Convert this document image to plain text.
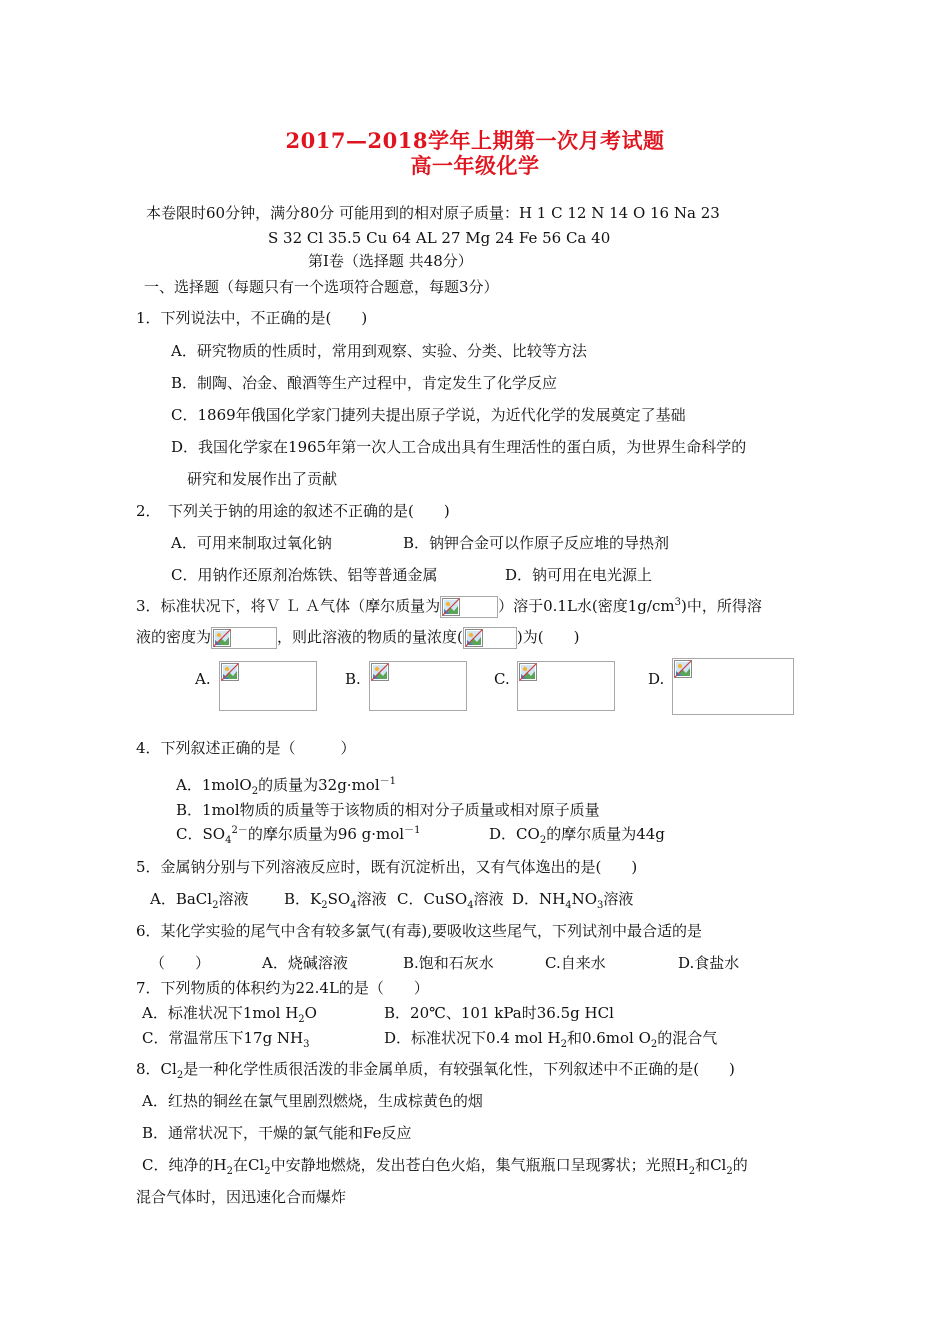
2017—2018学年上期第一次月考试题
高一年级化学
本卷限时60分钟，满分80分 可能用到的相对原子质量：H 1 C 12 N 14 O 16 Na 23
S 32 Cl 35.5 Cu 64 AL 27 Mg 24 Fe 56 Ca 40
第Ⅰ卷（选择题 共48分）
一、选择题（每题只有一个选项符合题意，每题3分）
1．下列说法中，不正确的是(　　)
A．研究物质的性质时，常用到观察、实验、分类、比较等方法
B．制陶、冶金、酿酒等生产过程中，肯定发生了化学反应
C．1869年俄国化学家门捷列夫提出原子学说，为近代化学的发展奠定了基础
D．我国化学家在1965年第一次人工合成出具有生理活性的蛋白质，为世界生命科学的
研究和发展作出了贡献
2．　下列关于钠的用途的叙述不正确的是(　　)
A．可用来制取过氧化钠	B．钠钾合金可以作原子反应堆的导热剂
C．用钠作还原剂冶炼铁、铝等普通金属	D．钠可用在电光源上
3．标准状况下，将Ｖ Ｌ Ａ气体（摩尔质量为	）溶于0.1L水(密度$1g/cm^3$)中，所得溶
液的密度为	，则此溶液的物质的量浓度(	)为(　　)
A.	B.	C.	D.
4．下列叙述正确的是（　　　）
A．1molO$_2$的质量为32g·mol$^{-1}$
B．1mol物质的质量等于该物质的相对分子质量或相对原子质量
C．$SO_4^{2-}$的摩尔质量为96 g·mol$^{-1}$	D．$CO_2$的摩尔质量为44g
5．金属钠分别与下列溶液反应时，既有沉淀析出，又有气体逸出的是(　　)
A．BaCl$_2$溶液 B．$K_2SO_4$溶液 C．CuSO$_4$溶液 D．$NH_4NO_3$溶液
6．某化学实验的尾气中含有较多氯气(有毒),要吸收这些尾气，下列试剂中最合适的是
（　　）	A．烧碱溶液	B.饱和石灰水	C.自来水	D.食盐水
7．下列物质的体积约为22.4L的是（　　）
A．标准状况下1mol $H_2O$	B．20℃、101 kPa时36.5g HCl
C．常温常压下17g $NH_3$	D．标准状况下0.4 mol $H_2$和0.6mol $O_2$的混合气
8．$Cl_2$是一种化学性质很活泼的非金属单质，有较强氧化性，下列叙述中不正确的是(　　)
A．红热的铜丝在氯气里剧烈燃烧，生成棕黄色的烟
B．通常状况下，干燥的氯气能和Fe反应
C．纯净的$H_2$在$Cl_2$中安静地燃烧，发出苍白色火焰，集气瓶瓶口呈现雾状；光照$H_2$和$Cl_2$的
混合气体时，因迅速化合而爆炸
